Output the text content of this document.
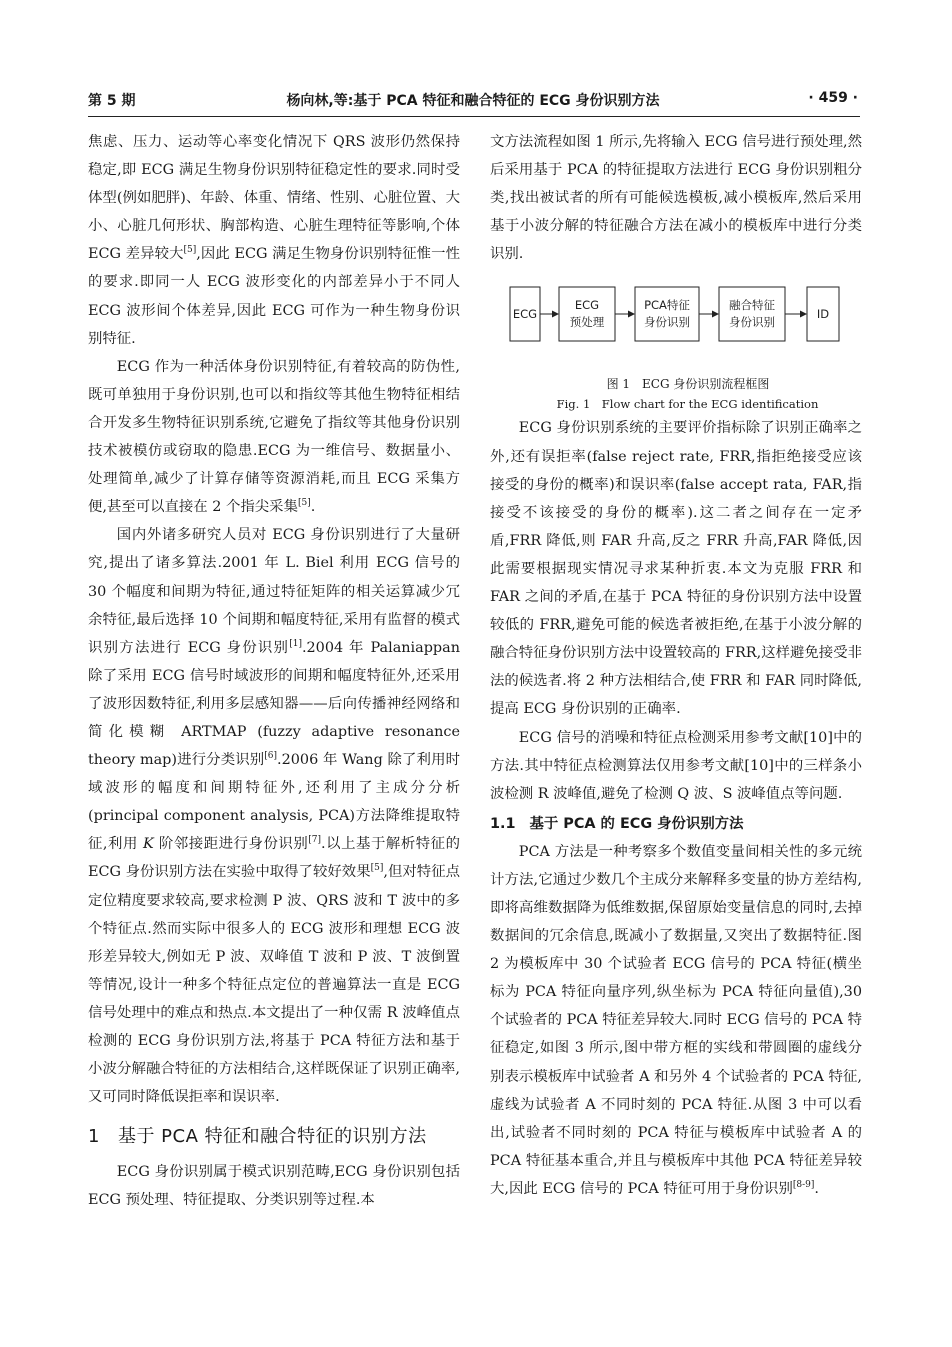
第 5 期	杨向林,等:基于 PCA 特征和融合特征的 ECG 身份识别方法	· 459 ·

焦虑、压力、运动等心率变化情况下 QRS 波形仍然保持稳定,即 ECG 满足生物身份识别特征稳定性的要求.同时受体型(例如肥胖)、年龄、体重、情绪、性别、心脏位置、大小、心脏几何形状、胸部构造、心脏生理特征等影响,个体 ECG 差异较大[5],因此 ECG 满足生物身份识别特征惟一性的要求.即同一人 ECG 波形变化的内部差异小于不同人 ECG 波形间个体差异,因此 ECG 可作为一种生物身份识别特征.

ECG 作为一种活体身份识别特征,有着较高的防伪性,既可单独用于身份识别,也可以和指纹等其他生物特征相结合开发多生物特征识别系统,它避免了指纹等其他身份识别技术被模仿或窃取的隐患.ECG 为一维信号、数据量小、处理简单,减少了计算存储等资源消耗,而且 ECG 采集方便,甚至可以直接在 2 个指尖采集[5].

国内外诸多研究人员对 ECG 身份识别进行了大量研究,提出了诸多算法.2001 年 L. Biel 利用 ECG 信号的 30 个幅度和间期为特征,通过特征矩阵的相关运算减少冗余特征,最后选择 10 个间期和幅度特征,采用有监督的模式识别方法进行 ECG 身份识别[1].2004 年 Palaniappan 除了采用 ECG 信号时域波形的间期和幅度特征外,还采用了波形因数特征,利用多层感知器——后向传播神经网络和简化模糊 ARTMAP (fuzzy adaptive resonance theory map)进行分类识别[6].2006 年 Wang 除了利用时域波形的幅度和间期特征外,还利用了主成分分析(principal component analysis, PCA)方法降维提取特征,利用 K 阶邻接距进行身份识别[7].以上基于解析特征的 ECG 身份识别方法在实验中取得了较好效果[5],但对特征点定位精度要求较高,要求检测 P 波、QRS 波和 T 波中的多个特征点.然而实际中很多人的 ECG 波形和理想 ECG 波形差异较大,例如无 P 波、双峰值 T 波和 P 波、T 波倒置等情况,设计一种多个特征点定位的普遍算法一直是 ECG 信号处理中的难点和热点.本文提出了一种仅需 R 波峰值点检测的 ECG 身份识别方法,将基于 PCA 特征方法和基于小波分解融合特征的方法相结合,这样既保证了识别正确率,又可同时降低误拒率和误识率.

1 基于 PCA 特征和融合特征的识别方法

ECG 身份识别属于模式识别范畴,ECG 身份识别包括 ECG 预处理、特征提取、分类识别等过程.本

文方法流程如图 1 所示,先将输入 ECG 信号进行预处理,然后采用基于 PCA 的特征提取方法进行 ECG 身份识别粗分类,找出被试者的所有可能候选模板,减小模板库,然后采用基于小波分解的特征融合方法在减小的模板库中进行分类识别.

ECG
ECG
预处理
PCA特征
身份识别
融合特征
身份识别
ID

图 1　ECG 身份识别流程框图

Fig. 1　Flow chart for the ECG identification

ECG 身份识别系统的主要评价指标除了识别正确率之外,还有误拒率(false reject rate, FRR,指拒绝接受应该接受的身份的概率)和误识率(false accept rata, FAR,指接受不该接受的身份的概率).这二者之间存在一定矛盾,FRR 降低,则 FAR 升高,反之 FRR 升高,FAR 降低,因此需要根据现实情况寻求某种折衷.本文为克服 FRR 和 FAR 之间的矛盾,在基于 PCA 特征的身份识别方法中设置较低的 FRR,避免可能的候选者被拒绝,在基于小波分解的融合特征身份识别方法中设置较高的 FRR,这样避免接受非法的候选者.将 2 种方法相结合,使 FRR 和 FAR 同时降低,提高 ECG 身份识别的正确率.

ECG 信号的消噪和特征点检测采用参考文献[10]中的方法.其中特征点检测算法仅用参考文献[10]中的三样条小波检测 R 波峰值,避免了检测 Q 波、S 波峰值点等问题.

1.1 基于 PCA 的 ECG 身份识别方法

PCA 方法是一种考察多个数值变量间相关性的多元统计方法,它通过少数几个主成分来解释多变量的协方差结构,即将高维数据降为低维数据,保留原始变量信息的同时,去掉数据间的冗余信息,既减小了数据量,又突出了数据特征.图 2 为模板库中 30 个试验者 ECG 信号的 PCA 特征(横坐标为 PCA 特征向量序列,纵坐标为 PCA 特征向量值),30 个试验者的 PCA 特征差异较大.同时 ECG 信号的 PCA 特征稳定,如图 3 所示,图中带方框的实线和带圆圈的虚线分别表示模板库中试验者 A 和另外 4 个试验者的 PCA 特征,虚线为试验者 A 不同时刻的 PCA 特征.从图 3 中可以看出,试验者不同时刻的 PCA 特征与模板库中试验者 A 的 PCA 特征基本重合,并且与模板库中其他 PCA 特征差异较大,因此 ECG 信号的 PCA 特征可用于身份识别[8-9].
